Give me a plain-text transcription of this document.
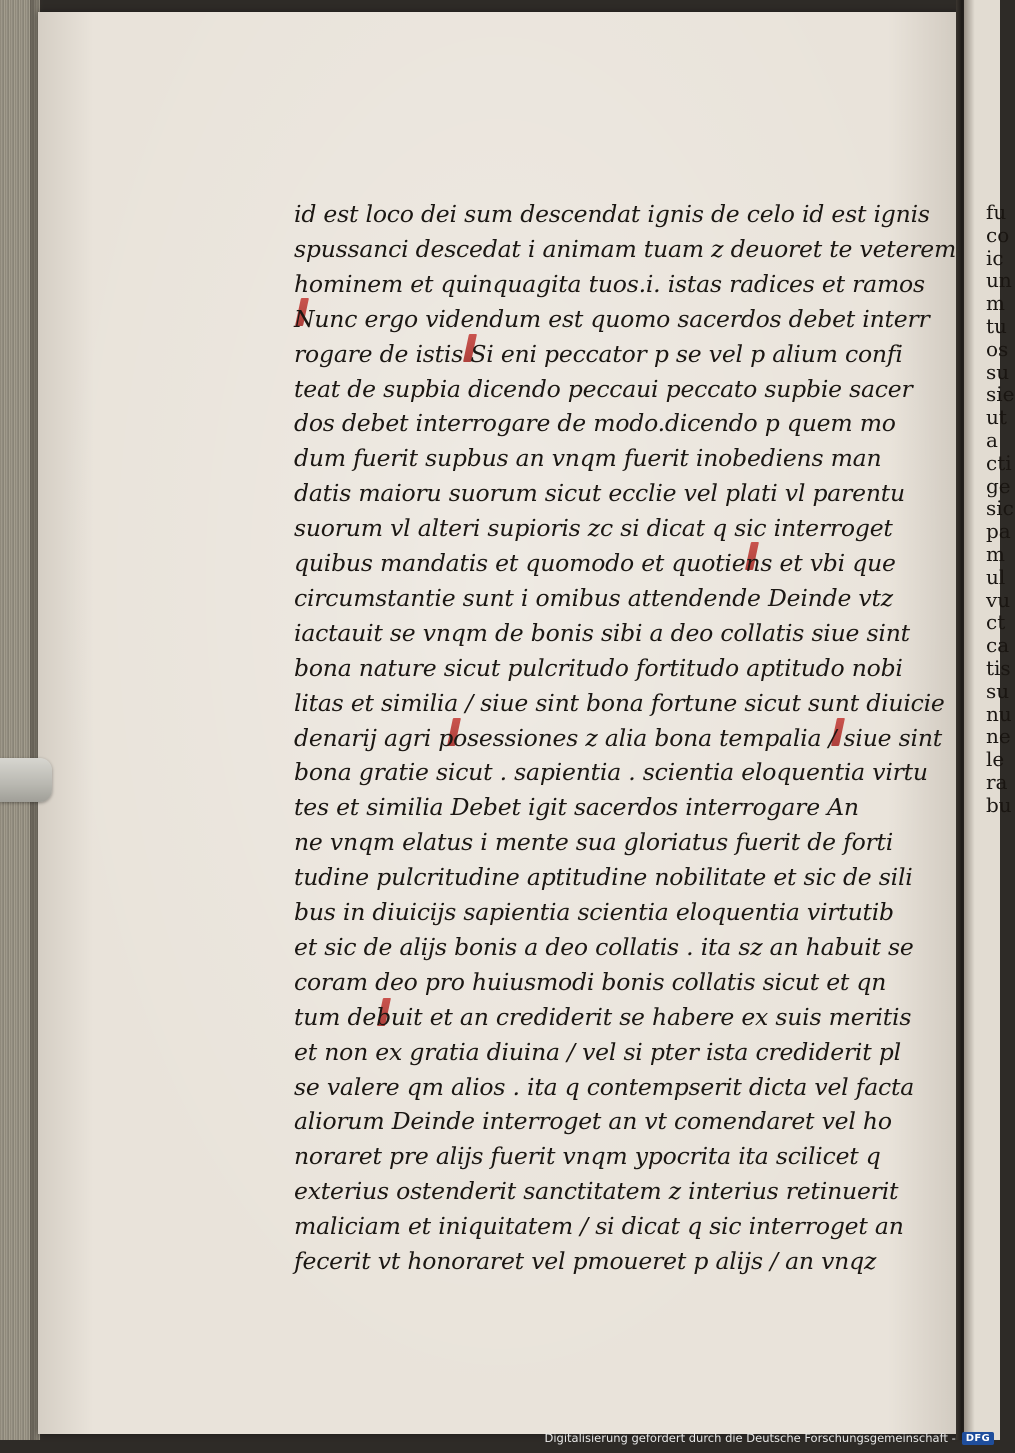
fu
co
ic
un
m
tu
os
su
sie
ut
a
cti
ge
sic
pa
m
ul
vu
ct
ca
tis
su
nu
ne
le
ra
bu
id est loco dei sum descendat ignis de celo id est ignis
spussanci descedat i animam tuam z deuoret te veterem
hominem et quinquagita tuos.i. istas radices et ramos
Nunc ergo videndum est quomo sacerdos debet interr
rogare de istis Si eni peccator p se vel p alium confi
teat de supbia dicendo peccaui peccato supbie sacer
dos debet interrogare de modo.dicendo p quem mo
dum fuerit supbus an vnqm fuerit inobediens man
datis maioru suorum sicut ecclie vel plati vl parentu
suorum vl alteri supioris zc si dicat q sic interroget
quibus mandatis et quomodo et quotiens et vbi que
circumstantie sunt i omibus attendende Deinde vtz
iactauit se vnqm de bonis sibi a deo collatis siue sint
bona nature sicut pulcritudo fortitudo aptitudo nobi
litas et similia / siue sint bona fortune sicut sunt diuicie
denarij agri posessiones z alia bona tempalia / siue sint
bona gratie sicut . sapientia . scientia eloquentia virtu
tes et similia Debet igit sacerdos interrogare An
ne vnqm elatus i mente sua gloriatus fuerit de forti
tudine pulcritudine aptitudine nobilitate et sic de sili
bus in diuicijs sapientia scientia eloquentia virtutib
et sic de alijs bonis a deo collatis . ita sz an habuit se
coram deo pro huiusmodi bonis collatis sicut et qn
tum debuit et an crediderit se habere ex suis meritis
et non ex gratia diuina / vel si pter ista crediderit pl
se valere qm alios . ita q contempserit dicta vel facta
aliorum Deinde interroget an vt comendaret vel ho
noraret pre alijs fuerit vnqm ypocrita ita scilicet q
exterius ostenderit sanctitatem z interius retinuerit
maliciam et iniquitatem / si dicat q sic interroget an
fecerit vt honoraret vel pmoueret p alijs / an vnqz
Digitalisierung gefördert durch die Deutsche Forschungsgemeinschaft -	DFG
